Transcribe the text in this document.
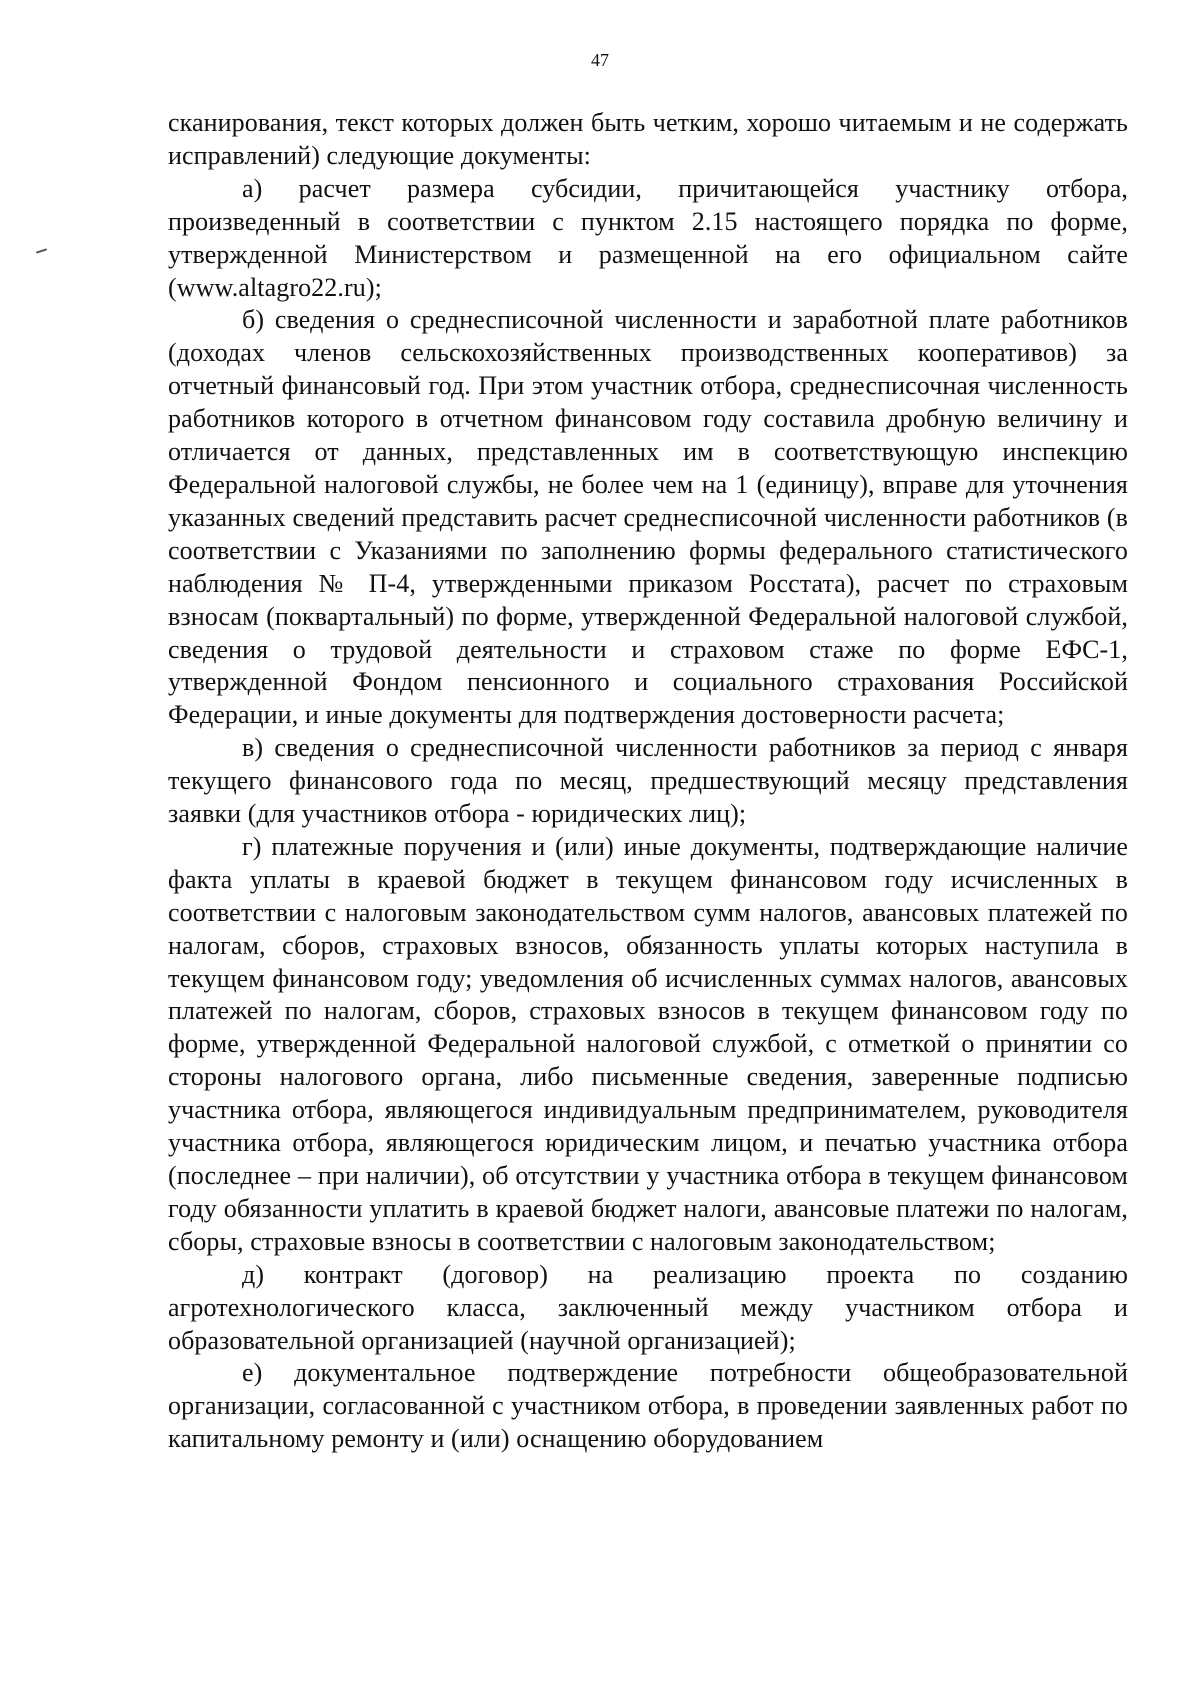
47

сканирования, текст которых должен быть четким, хорошо читаемым и не содержать исправлений) следующие документы:

а) расчет размера субсидии, причитающейся участнику отбора, произведенный в соответствии с пунктом 2.15 настоящего порядка по форме, утвержденной Министерством и размещенной на его официальном сайте (www.altagro22.ru);

б) сведения о среднесписочной численности и заработной плате работников (доходах членов сельскохозяйственных производственных кооперативов) за отчетный финансовый год. При этом участник отбора, среднесписочная численность работников которого в отчетном финансовом году составила дробную величину и отличается от данных, представленных им в соответствующую инспекцию Федеральной налоговой службы, не более чем на 1 (единицу), вправе для уточнения указанных сведений представить расчет среднесписочной численности работников (в соответствии с Указаниями по заполнению формы федерального статистического наблюдения № П-4, утвержденными приказом Росстата), расчет по страховым взносам (поквартальный) по форме, утвержденной Федеральной налоговой службой, сведения о трудовой деятельности и страховом стаже по форме ЕФС-1, утвержденной Фондом пенсионного и социального страхования Российской Федерации, и иные документы для подтверждения достоверности расчета;

в) сведения о среднесписочной численности работников за период с января текущего финансового года по месяц, предшествующий месяцу представления заявки (для участников отбора - юридических лиц);

г) платежные поручения и (или) иные документы, подтверждающие наличие факта уплаты в краевой бюджет в текущем финансовом году исчисленных в соответствии с налоговым законодательством сумм налогов, авансовых платежей по налогам, сборов, страховых взносов, обязанность уплаты которых наступила в текущем финансовом году; уведомления об исчисленных суммах налогов, авансовых платежей по налогам, сборов, страховых взносов в текущем финансовом году по форме, утвержденной Федеральной налоговой службой, с отметкой о принятии со стороны налогового органа, либо письменные сведения, заверенные подписью участника отбора, являющегося индивидуальным предпринимателем, руководителя участника отбора, являющегося юридическим лицом, и печатью участника отбора (последнее – при наличии), об отсутствии у участника отбора в текущем финансовом году обязанности уплатить в краевой бюджет налоги, авансовые платежи по налогам, сборы, страховые взносы в соответствии с налоговым законодательством;

д) контракт (договор) на реализацию проекта по созданию агротехнологического класса, заключенный между участником отбора и образовательной организацией (научной организацией);

е) документальное подтверждение потребности общеобразовательной организации, согласованной с участником отбора, в проведении заявленных работ по капитальному ремонту и (или) оснащению оборудованием
